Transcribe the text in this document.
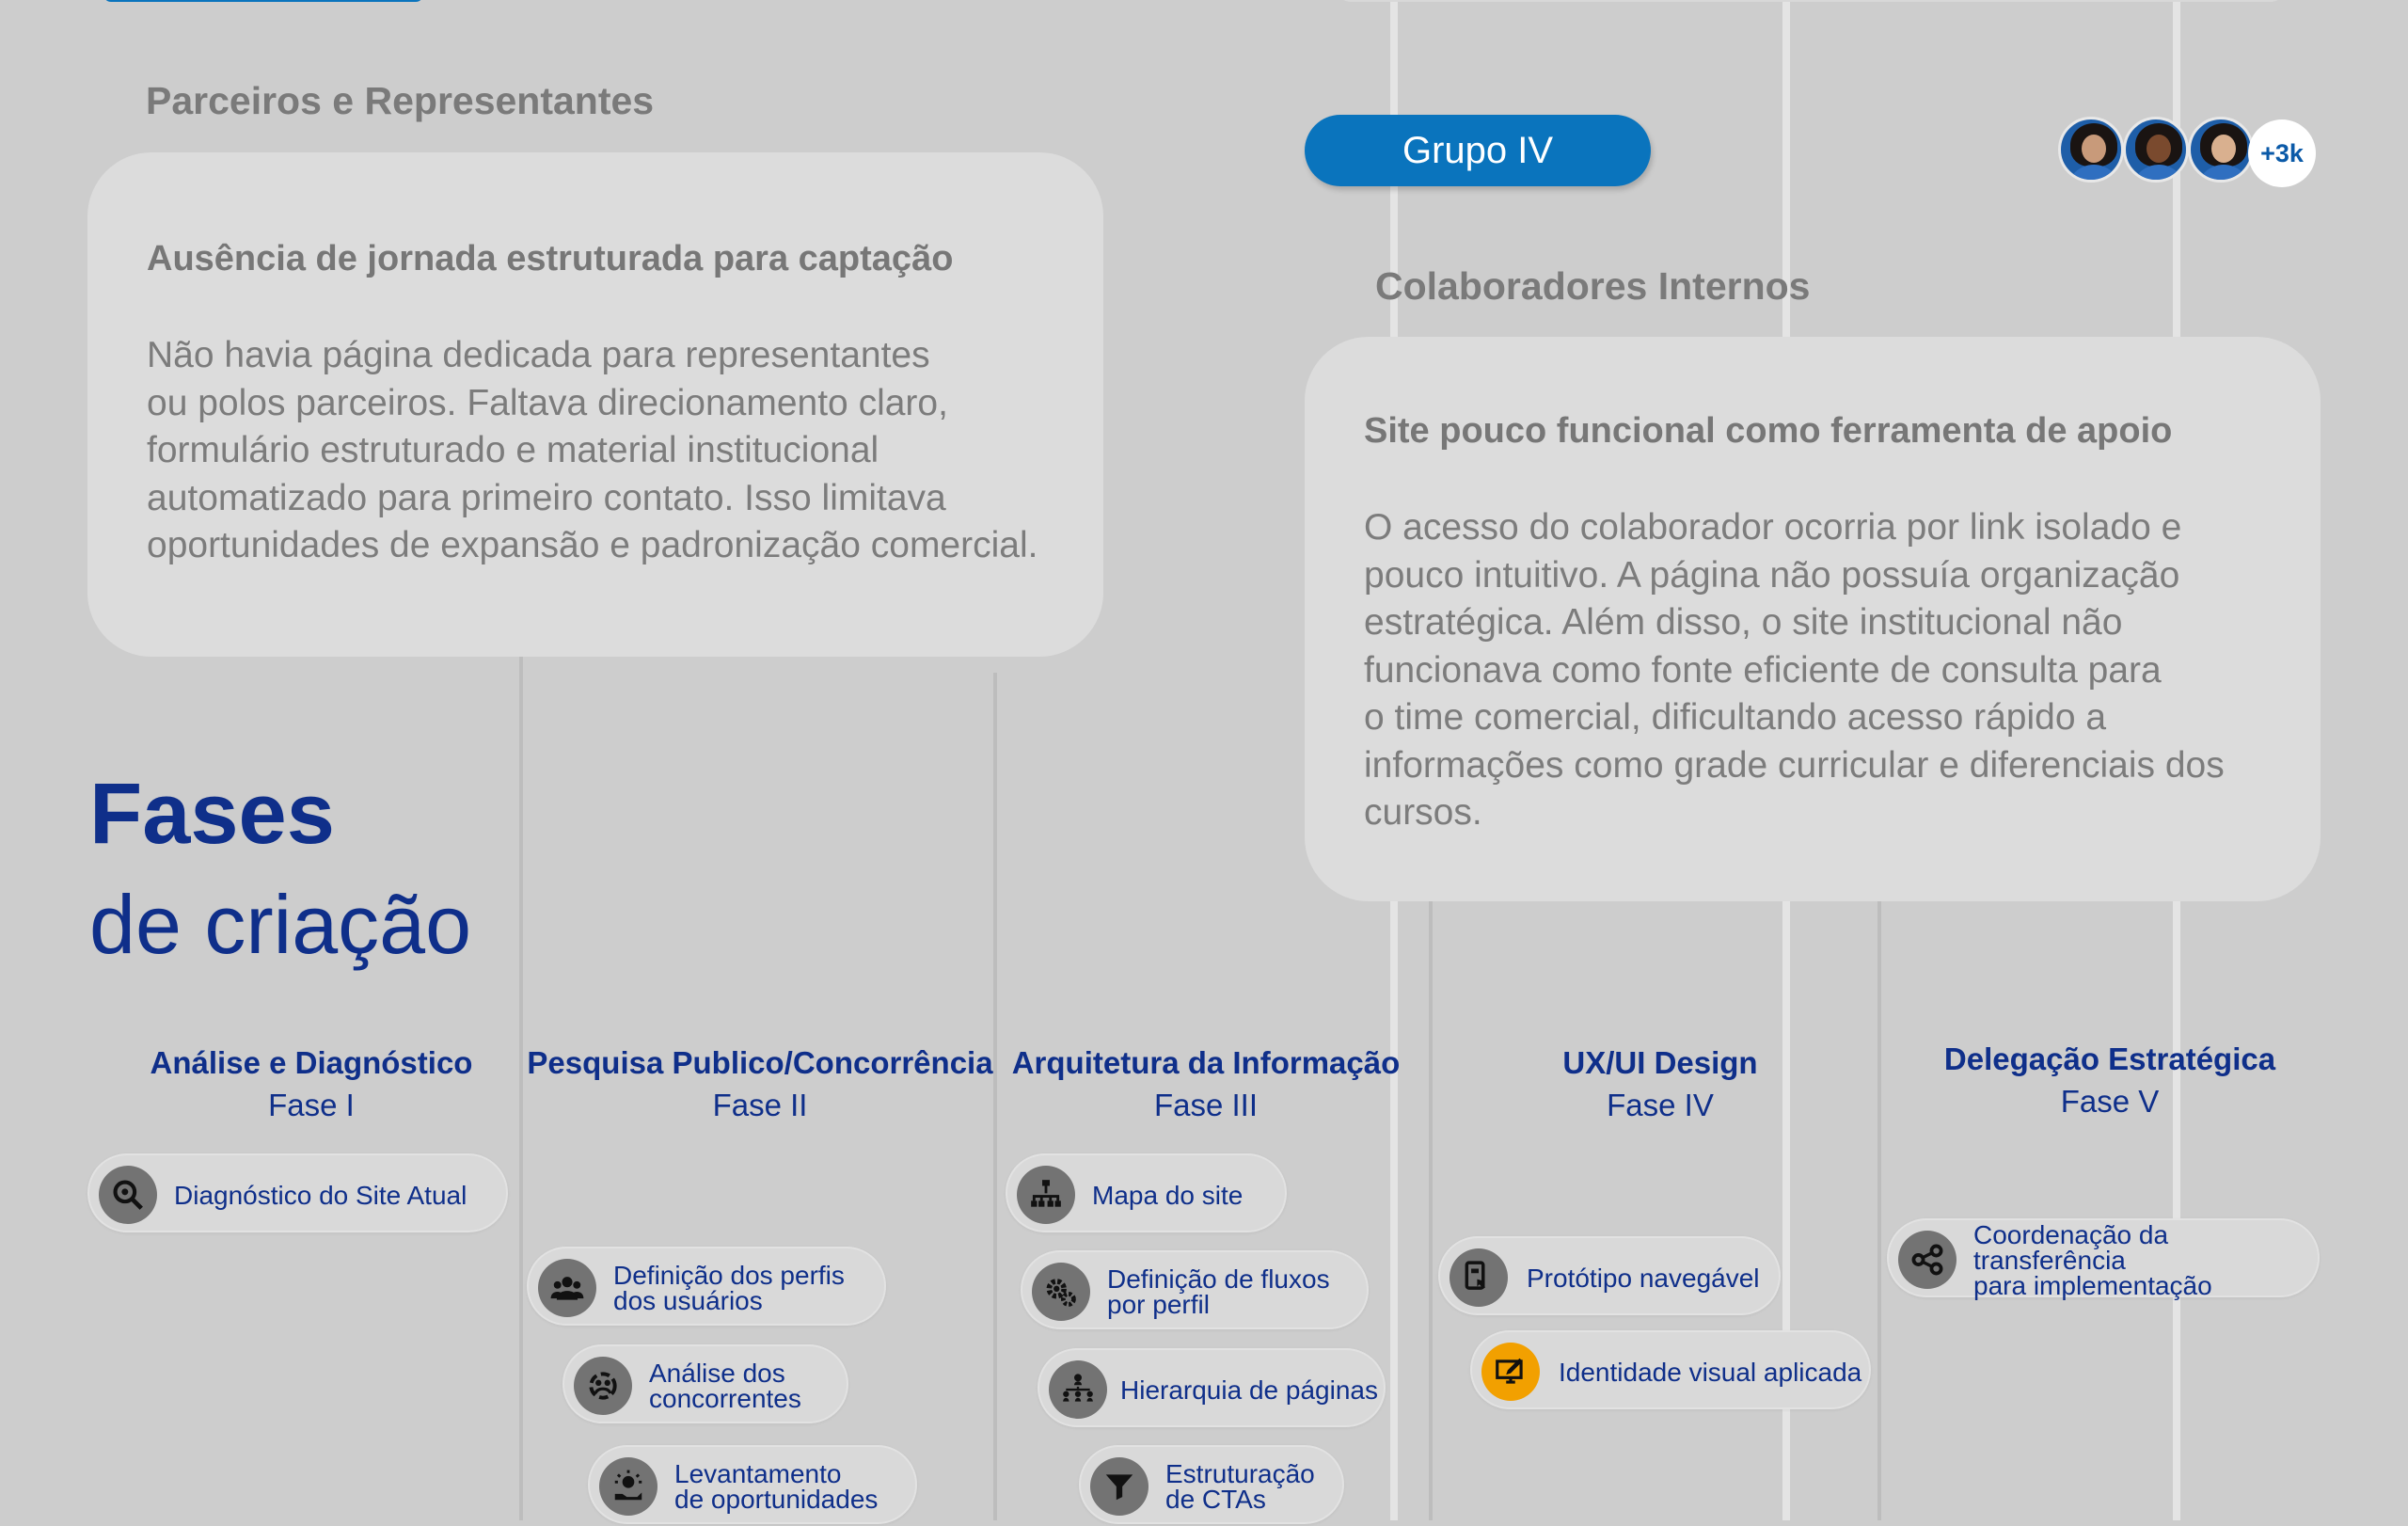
Parceiros e Representantes
Ausência de jornada estruturada para captação
Não havia página dedicada para representantes
ou polos parceiros. Faltava direcionamento claro,
formulário estruturado e material institucional
automatizado para primeiro contato. Isso limitava
oportunidades de expansão e padronização comercial.
Grupo IV	+3k
Colaboradores Internos
Site pouco funcional como ferramenta de apoio
O acesso do colaborador ocorria por link isolado e
pouco intuitivo. A página não possuía organização
estratégica. Além disso, o site institucional não
funcionava como fonte eficiente de consulta para
o time comercial, dificultando acesso rápido a
informações como grade curricular e diferenciais dos
cursos.
Fases
de criação
Análise e Diagnóstico
Fase I
Pesquisa Publico/Concorrência
Fase II
Arquitetura da Informação
Fase III
UX/UI Design
Fase IV
Delegação Estratégica
Fase V
Diagnóstico do Site Atual
Definição dos perfis
dos usuários
Análise dos
concorrentes
Levantamento
de oportunidades
Mapa do site
Definição de fluxos
por perfil
Hierarquia de páginas
Estruturação
de CTAs
Protótipo navegável
Identidade visual aplicada
Coordenação da transferência
para implementação
